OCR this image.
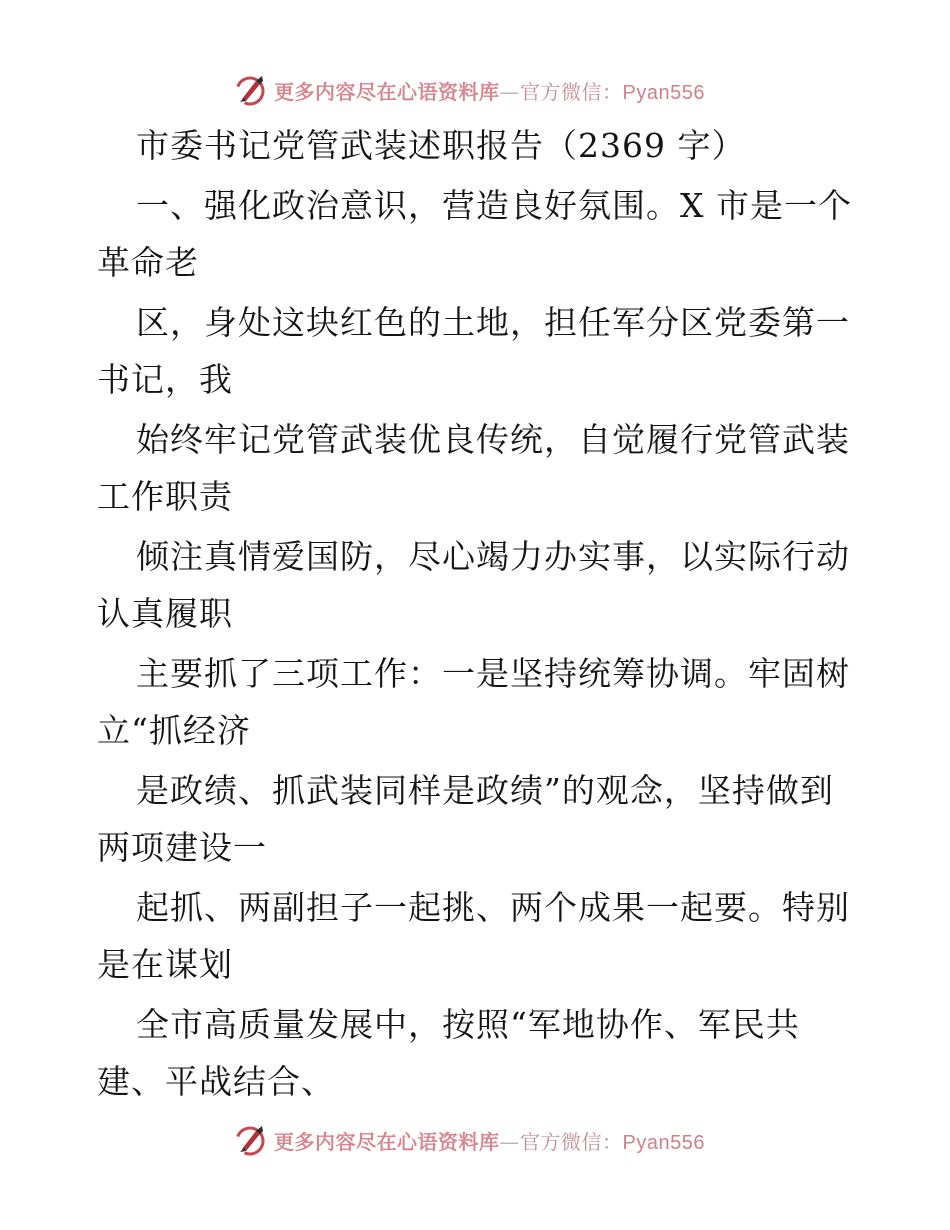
更多内容尽在心语资料库—官方微信：Pyan556
市委书记党管武装述职报告（2369 字）
一、强化政治意识，营造良好氛围。X 市是一个
革命老
区，身处这块红色的土地，担任军分区党委第一
书记，我
始终牢记党管武装优良传统，自觉履行党管武装
工作职责
倾注真情爱国防，尽心竭力办实事，以实际行动
认真履职
主要抓了三项工作：一是坚持统筹协调。牢固树
立“抓经济
是政绩、抓武装同样是政绩”的观念，坚持做到
两项建设一
起抓、两副担子一起挑、两个成果一起要。特别
是在谋划
全市高质量发展中，按照“军地协作、军民共
建、平战结合、
更多内容尽在心语资料库—官方微信：Pyan556
